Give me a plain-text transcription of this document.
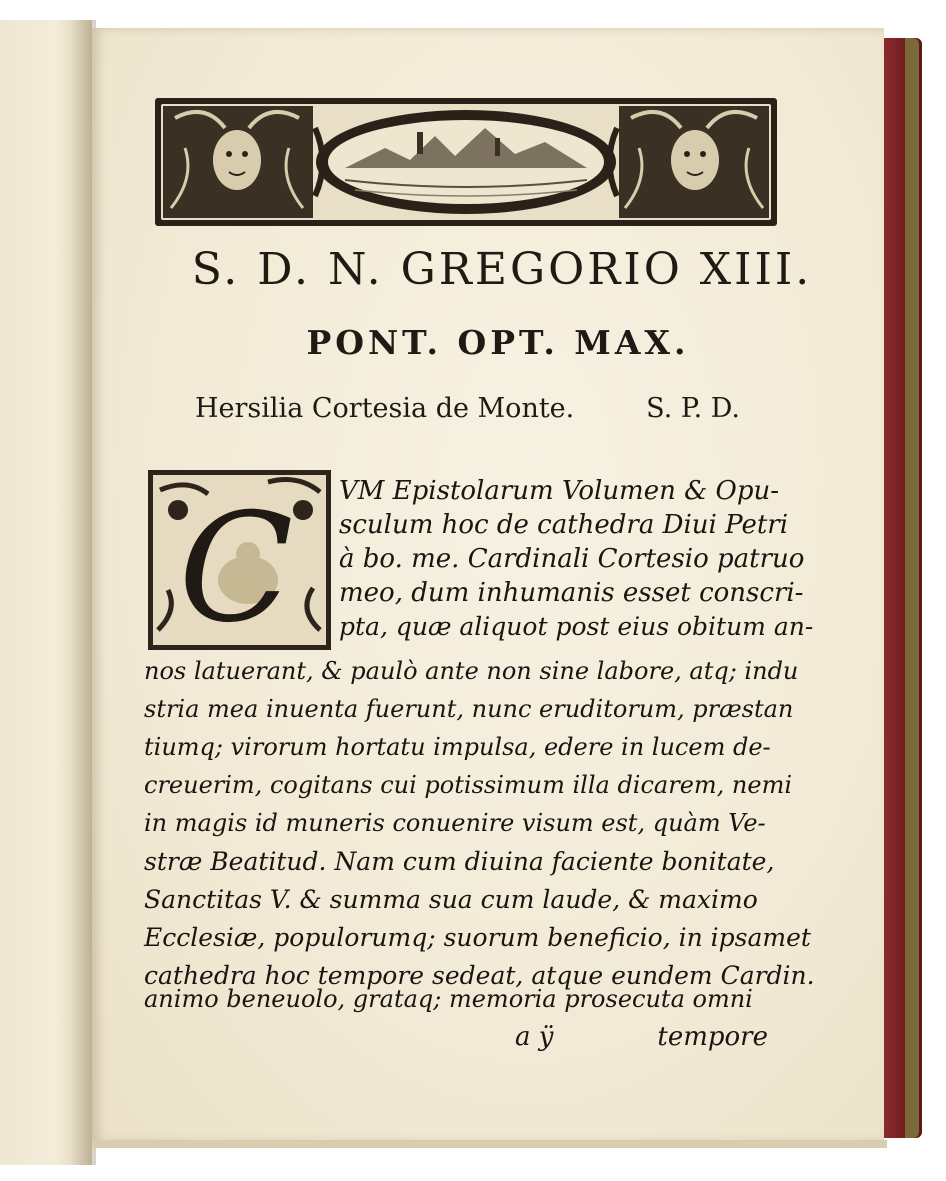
S. D. N. GREGORIO XIII.
PONT. OPT. MAX.
Hersilia Cortesia de Monte.	S. P. D.
C VM Epistolarum Volumen & Opu-
sculum hoc de cathedra Diui Petri
à bo. me. Cardinali Cortesio patruo
meo, dum inhumanis esset conscri-
pta, quæ aliquot post eius obitum an-
nos latuerant, & paulò ante non sine labore, atq; indu
stria mea inuenta fuerunt, nunc eruditorum, præstan
tiumq; virorum hortatu impulsa, edere in lucem de-
creuerim, cogitans cui potissimum illa dicarem, nemi
in magis id muneris conuenire visum est, quàm Ve-
stræ Beatitud. Nam cum diuina faciente bonitate,
Sanctitas V. & summa sua cum laude, & maximo
Ecclesiæ, populorumq; suorum beneficio, in ipsamet
cathedra hoc tempore sedeat, atque eundem Cardin.
animo beneuolo, grataq; memoria prosecuta omni
a ÿ	tempore
